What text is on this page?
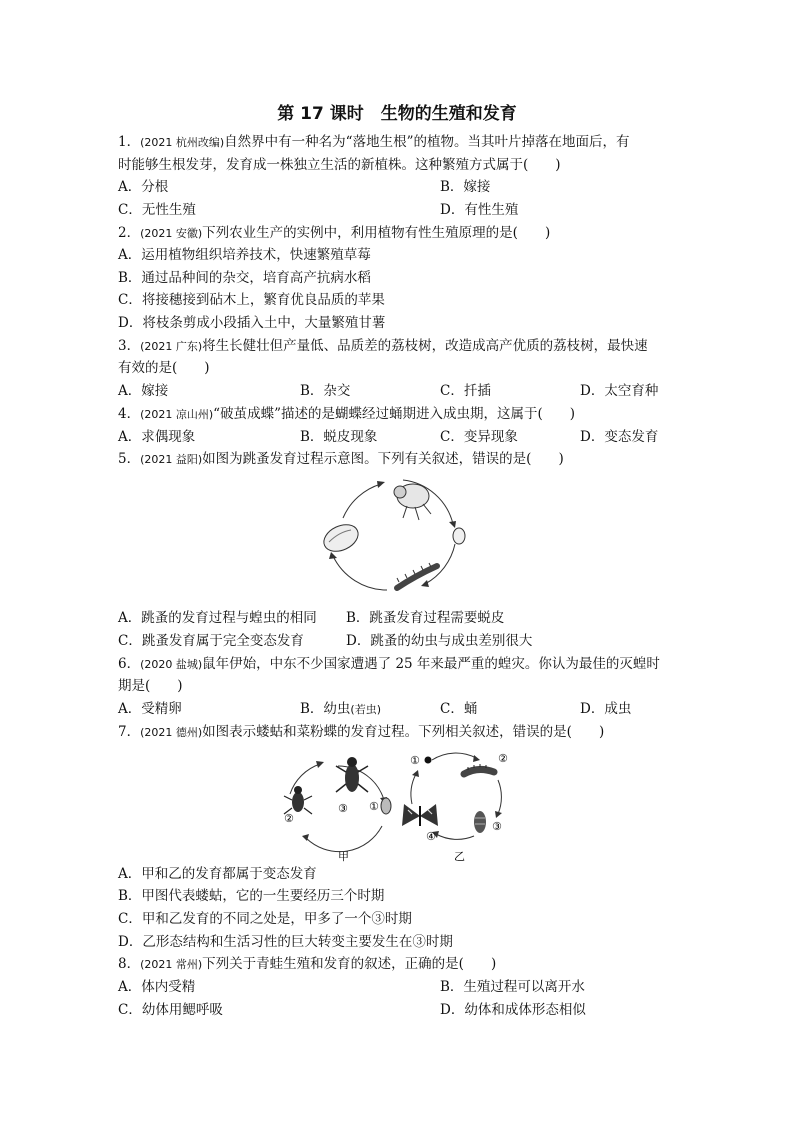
第 17 课时　生物的生殖和发育
1．(2021 杭州改编)自然界中有一种名为“落地生根”的植物。当其叶片掉落在地面后，有
时能够生根发芽，发育成一株独立生活的新植株。这种繁殖方式属于(　　)
A．分根	B．嫁接
C．无性生殖	D．有性生殖
2．(2021 安徽)下列农业生产的实例中，利用植物有性生殖原理的是(　　)
A．运用植物组织培养技术，快速繁殖草莓
B．通过品种间的杂交，培育高产抗病水稻
C．将接穗接到砧木上，繁育优良品质的苹果
D．将枝条剪成小段插入土中，大量繁殖甘薯
3．(2021 广东)将生长健壮但产量低、品质差的荔枝树，改造成高产优质的荔枝树，最快速
有效的是(　　)
A．嫁接	B．杂交	C．扦插	D．太空育种
4．(2021 凉山州)“破茧成蝶”描述的是蝴蝶经过蛹期进入成虫期，这属于(　　)
A．求偶现象	B．蜕皮现象	C．变异现象	D．变态发育
5．(2021 益阳)如图为跳蚤发育过程示意图。下列有关叙述，错误的是(　　)
A．跳蚤的发育过程与蝗虫的相同 B．跳蚤发育过程需要蜕皮
C．跳蚤发育属于完全变态发育	D．跳蚤的幼虫与成虫差别很大
6．(2020 盐城)鼠年伊始，中东不少国家遭遇了 25 年来最严重的蝗灾。你认为最佳的灭蝗时
期是(　　)
A．受精卵	B．幼虫(若虫)	C．蛹	D．成虫
7．(2021 德州)如图表示蝼蛄和菜粉蝶的发育过程。下列相关叙述，错误的是(　　)
①
②
③
甲
①	②
③
④
乙
A．甲和乙的发育都属于变态发育
B．甲图代表蝼蛄，它的一生要经历三个时期
C．甲和乙发育的不同之处是，甲多了一个③时期
D．乙形态结构和生活习性的巨大转变主要发生在③时期
8．(2021 常州)下列关于青蛙生殖和发育的叙述，正确的是(　　)
A．体内受精	B．生殖过程可以离开水
C．幼体用鳃呼吸	D．幼体和成体形态相似
